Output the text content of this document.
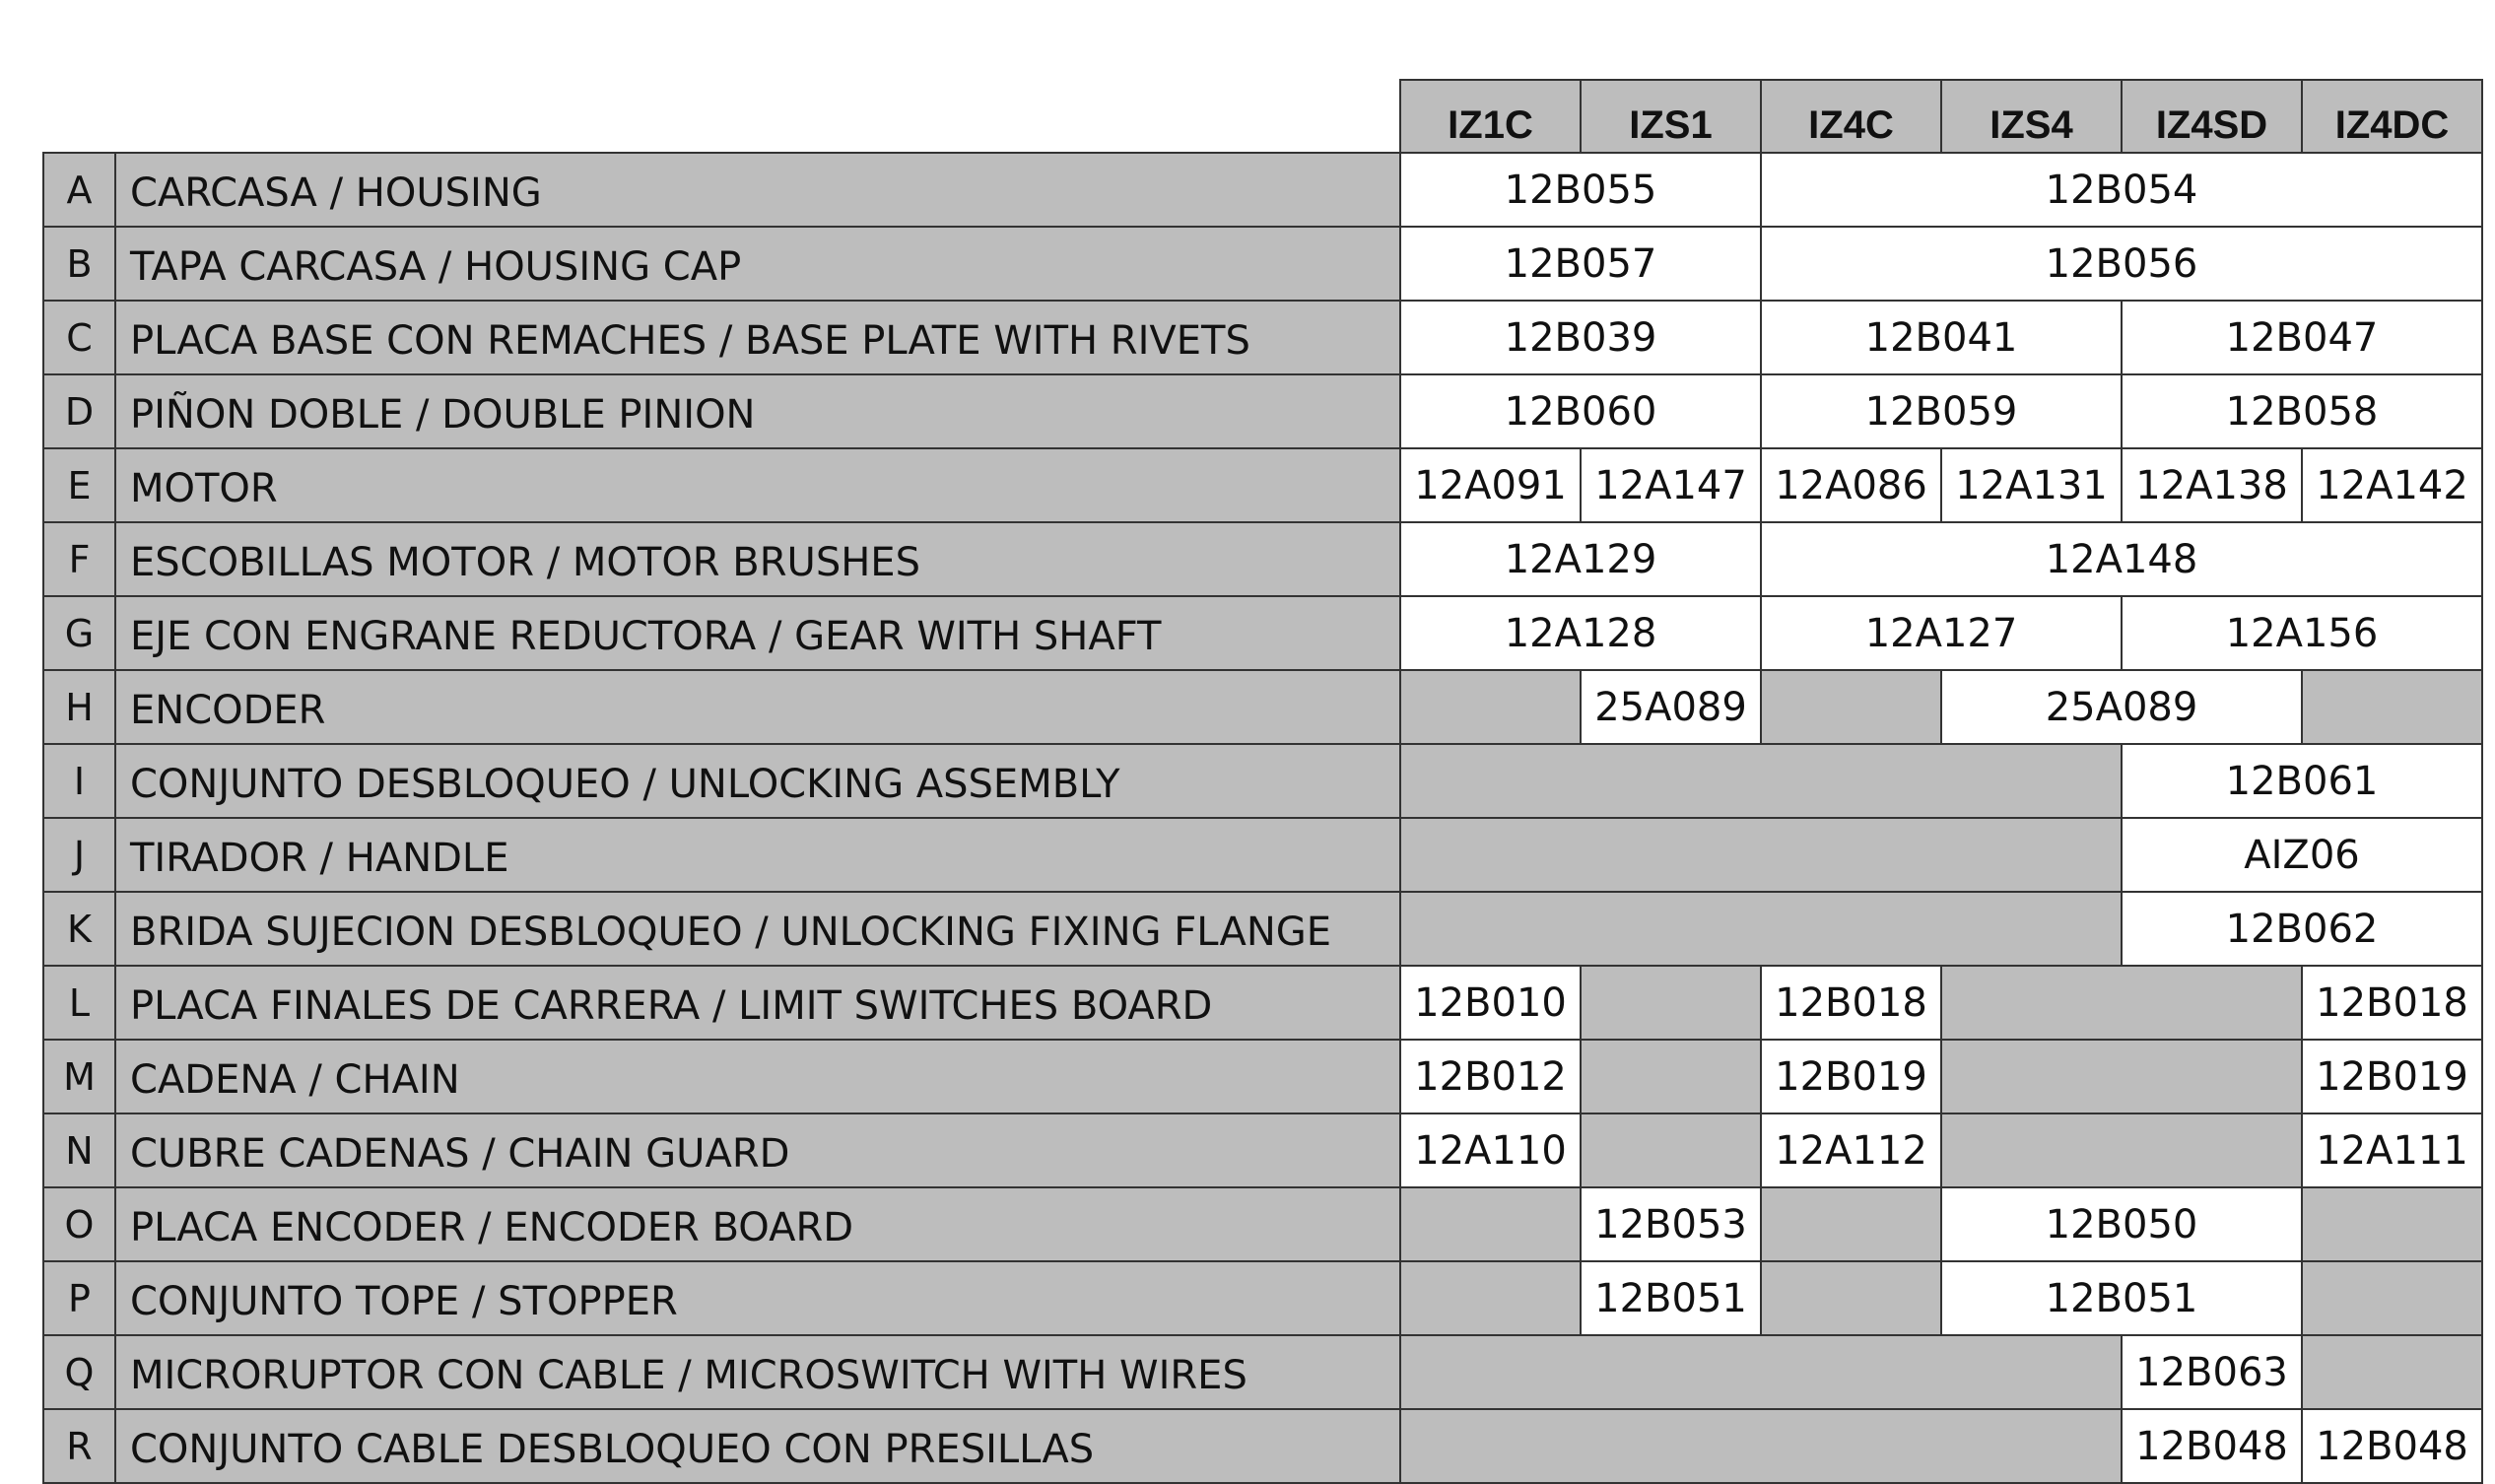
		IZ1C	IZS1	IZ4C	IZS4	IZ4SD	IZ4DC
A	CARCASA / HOUSING	12B055		12B054			
B	TAPA CARCASA / HOUSING CAP	12B057		12B056			
C	PLACA BASE CON REMACHES / BASE PLATE WITH RIVETS	12B039		12B041		12B047	
D	PIÑON DOBLE / DOUBLE PINION	12B060		12B059		12B058	
E	MOTOR	12A091	12A147	12A086	12A131	12A138	12A142
F	ESCOBILLAS MOTOR / MOTOR BRUSHES	12A129		12A148			
G	EJE CON ENGRANE REDUCTORA / GEAR WITH SHAFT	12A128		12A127		12A156	
H	ENCODER		25A089		25A089		
I	CONJUNTO DESBLOQUEO / UNLOCKING ASSEMBLY					12B061	
J	TIRADOR / HANDLE					AIZ06	
K	BRIDA SUJECION DESBLOQUEO / UNLOCKING FIXING FLANGE					12B062	
L	PLACA FINALES DE CARRERA / LIMIT SWITCHES BOARD	12B010		12B018			12B018
M	CADENA / CHAIN	12B012		12B019			12B019
N	CUBRE CADENAS / CHAIN GUARD	12A110		12A112			12A111
O	PLACA ENCODER / ENCODER BOARD		12B053		12B050		
P	CONJUNTO TOPE / STOPPER		12B051		12B051		
Q	MICRORUPTOR CON CABLE / MICROSWITCH WITH WIRES					12B063	
R	CONJUNTO CABLE DESBLOQUEO CON PRESILLAS					12B048	12B048
